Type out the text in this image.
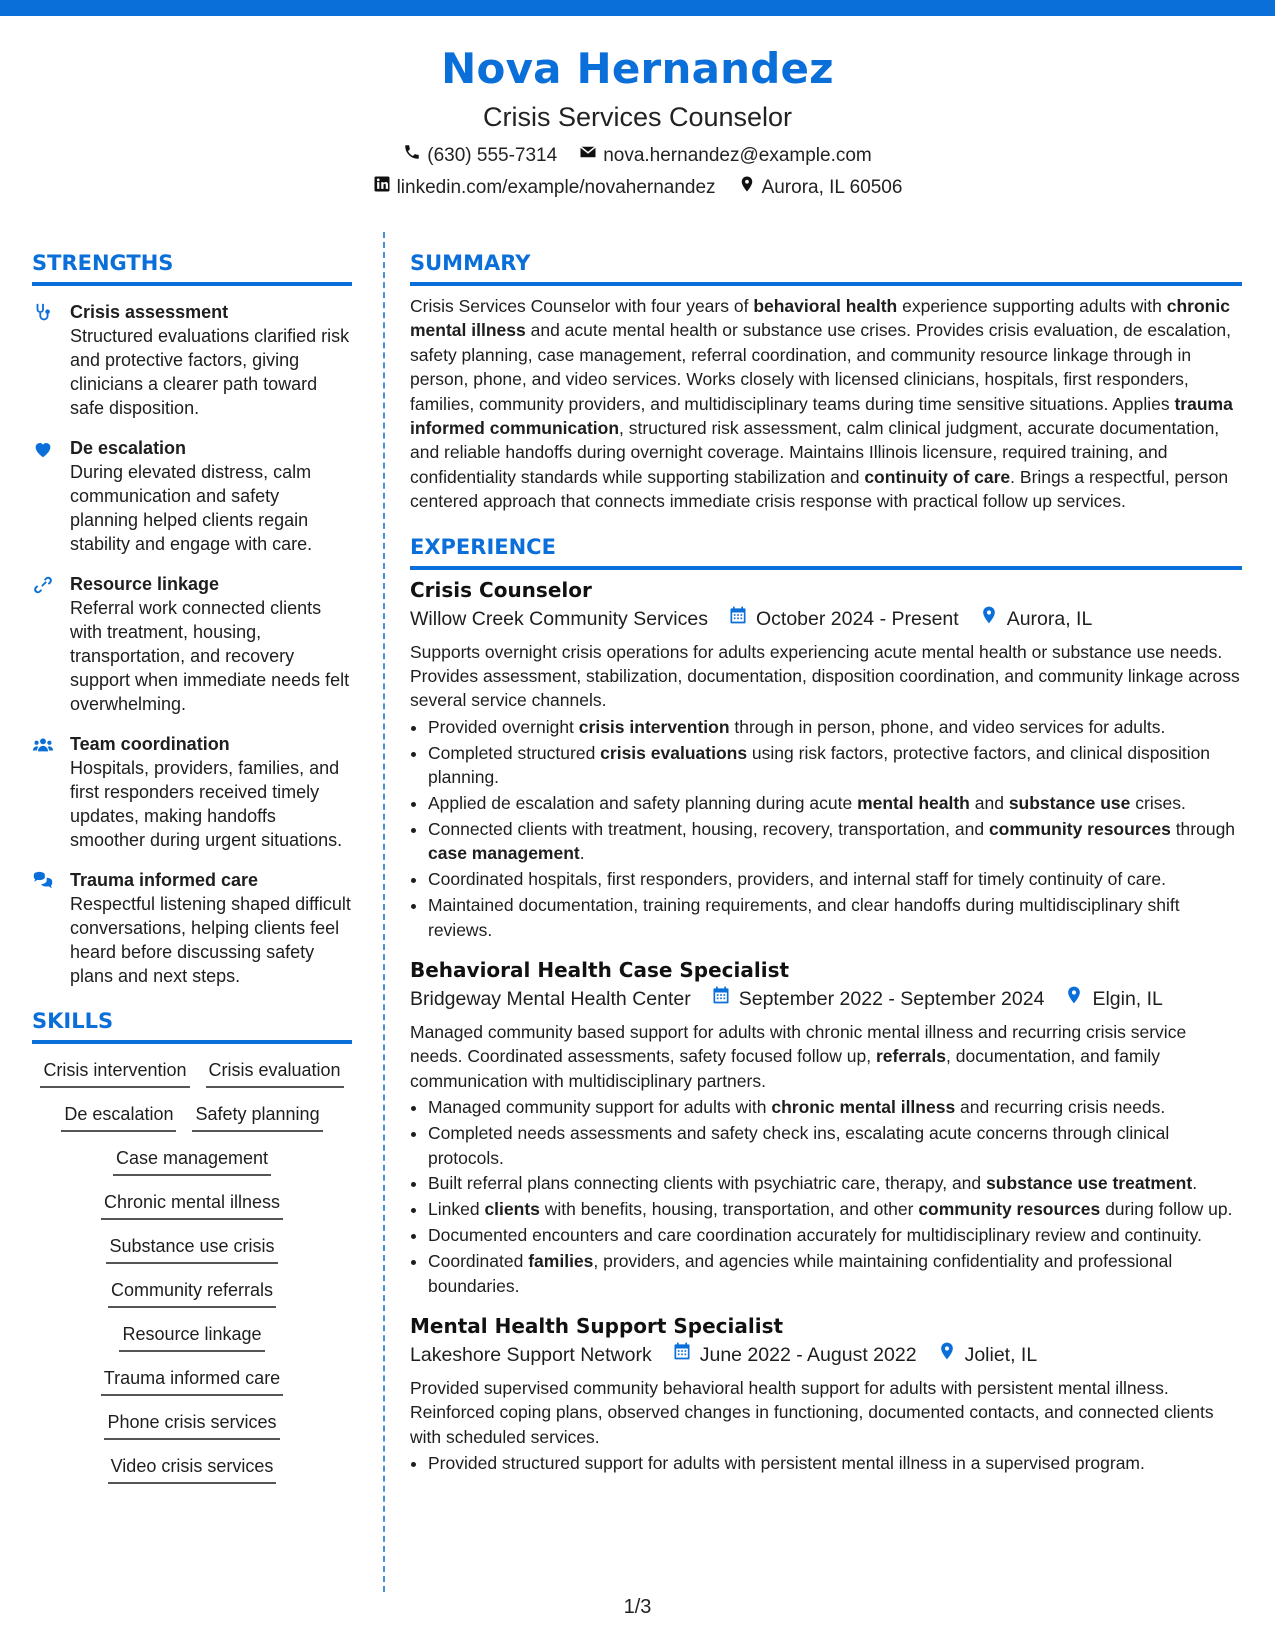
Nova Hernandez
Crisis Services Counselor
(630) 555-7314 nova.hernandez@example.com
linkedin.com/example/novahernandez Aurora, IL 60506
STRENGTHS
Crisis assessment
Structured evaluations clarified risk and protective factors, giving clinicians a clearer path toward safe disposition.
De escalation
During elevated distress, calm communication and safety planning helped clients regain stability and engage with care.
Resource linkage
Referral work connected clients with treatment, housing, transportation, and recovery support when immediate needs felt overwhelming.
Team coordination
Hospitals, providers, families, and first responders received timely updates, making handoffs smoother during urgent situations.
Trauma informed care
Respectful listening shaped difficult conversations, helping clients feel heard before discussing safety plans and next steps.
SKILLS
Crisis intervention Crisis evaluation
De escalation Safety planning
Case management
Chronic mental illness
Substance use crisis
Community referrals
Resource linkage
Trauma informed care
Phone crisis services
Video crisis services
SUMMARY
Crisis Services Counselor with four years of behavioral health experience supporting adults with chronic mental illness and acute mental health or substance use crises. Provides crisis evaluation, de escalation, safety planning, case management, referral coordination, and community resource linkage through in person, phone, and video services. Works closely with licensed clinicians, hospitals, first responders, families, community providers, and multidisciplinary teams during time sensitive situations. Applies trauma informed communication, structured risk assessment, calm clinical judgment, accurate documentation, and reliable handoffs during overnight coverage. Maintains Illinois licensure, required training, and confidentiality standards while supporting stabilization and continuity of care. Brings a respectful, person centered approach that connects immediate crisis response with practical follow up services.
EXPERIENCE
Crisis Counselor
Willow Creek Community Services October 2024 - Present Aurora, IL
Supports overnight crisis operations for adults experiencing acute mental health or substance use needs. Provides assessment, stabilization, documentation, disposition coordination, and community linkage across several service channels.
• Provided overnight crisis intervention through in person, phone, and video services for adults.
• Completed structured crisis evaluations using risk factors, protective factors, and clinical disposition planning.
• Applied de escalation and safety planning during acute mental health and substance use crises.
• Connected clients with treatment, housing, recovery, transportation, and community resources through case management.
• Coordinated hospitals, first responders, providers, and internal staff for timely continuity of care.
• Maintained documentation, training requirements, and clear handoffs during multidisciplinary shift reviews.
Behavioral Health Case Specialist
Bridgeway Mental Health Center September 2022 - September 2024 Elgin, IL
Managed community based support for adults with chronic mental illness and recurring crisis service needs. Coordinated assessments, safety focused follow up, referrals, documentation, and family communication with multidisciplinary partners.
• Managed community support for adults with chronic mental illness and recurring crisis needs.
• Completed needs assessments and safety check ins, escalating acute concerns through clinical protocols.
• Built referral plans connecting clients with psychiatric care, therapy, and substance use treatment.
• Linked clients with benefits, housing, transportation, and other community resources during follow up.
• Documented encounters and care coordination accurately for multidisciplinary review and continuity.
• Coordinated families, providers, and agencies while maintaining confidentiality and professional boundaries.
Mental Health Support Specialist
Lakeshore Support Network June 2022 - August 2022 Joliet, IL
Provided supervised community behavioral health support for adults with persistent mental illness. Reinforced coping plans, observed changes in functioning, documented contacts, and connected clients with scheduled services.
• Provided structured support for adults with persistent mental illness in a supervised program.
1/3
